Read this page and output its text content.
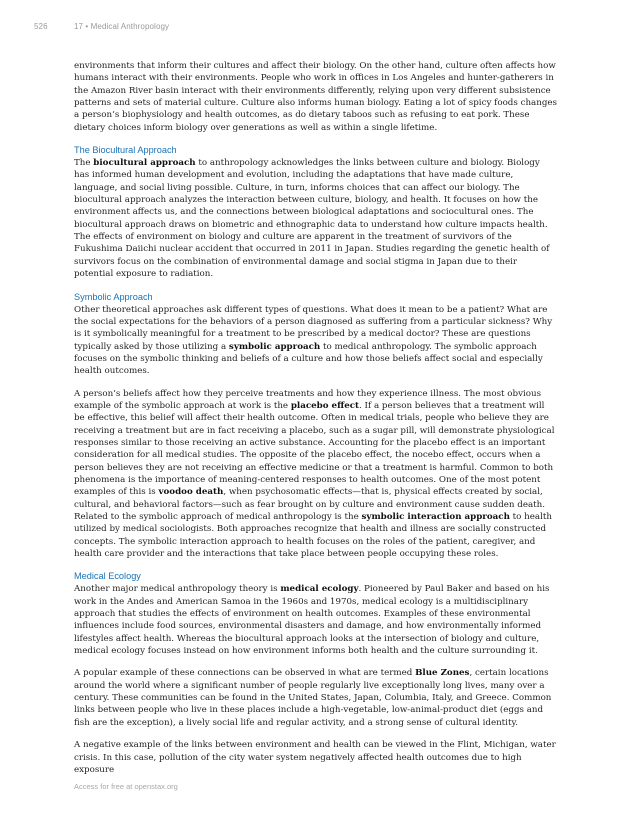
526	17 • Medical Anthropology

environments that inform their cultures and affect their biology. On the other hand, culture often affects how humans interact with their environments. People who work in offices in Los Angeles and hunter-gatherers in the Amazon River basin interact with their environments differently, relying upon very different subsistence patterns and sets of material culture. Culture also informs human biology. Eating a lot of spicy foods changes a person’s biophysiology and health outcomes, as do dietary taboos such as refusing to eat pork. These dietary choices inform biology over generations as well as within a single lifetime.

The Biocultural Approach

The biocultural approach to anthropology acknowledges the links between culture and biology. Biology has informed human development and evolution, including the adaptations that have made culture, language, and social living possible. Culture, in turn, informs choices that can affect our biology. The biocultural approach analyzes the interaction between culture, biology, and health. It focuses on how the environment affects us, and the connections between biological adaptations and sociocultural ones. The biocultural approach draws on biometric and ethnographic data to understand how culture impacts health. The effects of environment on biology and culture are apparent in the treatment of survivors of the Fukushima Daiichi nuclear accident that occurred in 2011 in Japan. Studies regarding the genetic health of survivors focus on the combination of environmental damage and social stigma in Japan due to their potential exposure to radiation.

Symbolic Approach

Other theoretical approaches ask different types of questions. What does it mean to be a patient? What are the social expectations for the behaviors of a person diagnosed as suffering from a particular sickness? Why is it symbolically meaningful for a treatment to be prescribed by a medical doctor? These are questions typically asked by those utilizing a symbolic approach to medical anthropology. The symbolic approach focuses on the symbolic thinking and beliefs of a culture and how those beliefs affect social and especially health outcomes.

A person’s beliefs affect how they perceive treatments and how they experience illness. The most obvious example of the symbolic approach at work is the placebo effect. If a person believes that a treatment will be effective, this belief will affect their health outcome. Often in medical trials, people who believe they are receiving a treatment but are in fact receiving a placebo, such as a sugar pill, will demonstrate physiological responses similar to those receiving an active substance. Accounting for the placebo effect is an important consideration for all medical studies. The opposite of the placebo effect, the nocebo effect, occurs when a person believes they are not receiving an effective medicine or that a treatment is harmful. Common to both phenomena is the importance of meaning-centered responses to health outcomes. One of the most potent examples of this is voodoo death, when psychosomatic effects—that is, physical effects created by social, cultural, and behavioral factors—such as fear brought on by culture and environment cause sudden death. Related to the symbolic approach of medical anthropology is the symbolic interaction approach to health utilized by medical sociologists. Both approaches recognize that health and illness are socially constructed concepts. The symbolic interaction approach to health focuses on the roles of the patient, caregiver, and health care provider and the interactions that take place between people occupying these roles.

Medical Ecology

Another major medical anthropology theory is medical ecology. Pioneered by Paul Baker and based on his work in the Andes and American Samoa in the 1960s and 1970s, medical ecology is a multidisciplinary approach that studies the effects of environment on health outcomes. Examples of these environmental influences include food sources, environmental disasters and damage, and how environmentally informed lifestyles affect health. Whereas the biocultural approach looks at the intersection of biology and culture, medical ecology focuses instead on how environment informs both health and the culture surrounding it.

A popular example of these connections can be observed in what are termed Blue Zones, certain locations around the world where a significant number of people regularly live exceptionally long lives, many over a century. These communities can be found in the United States, Japan, Columbia, Italy, and Greece. Common links between people who live in these places include a high-vegetable, low-animal-product diet (eggs and fish are the exception), a lively social life and regular activity, and a strong sense of cultural identity.

A negative example of the links between environment and health can be viewed in the Flint, Michigan, water crisis. In this case, pollution of the city water system negatively affected health outcomes due to high exposure

Access for free at openstax.org
